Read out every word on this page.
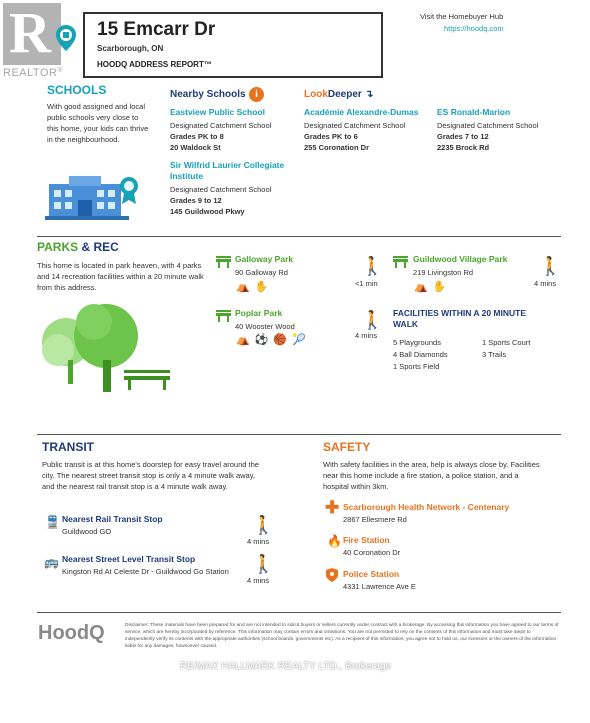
R
REALTOR®
15 Emcarr Dr
Scarborough, ON
HOODQ ADDRESS REPORT™
Visit the Homebuyer Hub
https://hoodq.com
SCHOOLS
With good assigned and local public schools very close to this home, your kids can thrive in the neighbourhood.
Nearby Schools i	LookDeeper ↴
Eastview Public School
Designated Catchment School
Grades PK to 8
20 Waldock St
Académie Alexandre-Dumas
Designated Catchment School
Grades PK to 6
255 Coronation Dr
ES Ronald-Marion
Designated Catchment School
Grades 7 to 12
2235 Brock Rd
Sir Wilfrid Laurier Collegiate Institute
Designated Catchment School
Grades 9 to 12
145 Guildwood Pkwy
PARKS & REC
This home is located in park heaven, with 4 parks and 14 recreation facilities within a 20 minute walk from this address.
Galloway Park
90 Galloway Rd
⛺✋
🚶
<1 min
Guildwood Village Park
219 Livingston Rd
⛺✋
🚶
4 mins
Poplar Park
40 Wooster Wood
⛺⚽🏀🎾
🚶
4 mins
FACILITIES WITHIN A 20 MINUTE WALK
5 Playgrounds	1 Sports Court
4 Ball Diamonds	3 Trails
1 Sports Field
TRANSIT
Public transit is at this home's doorstep for easy travel around the city. The nearest street transit stop is only a 4 minute walk away, and the nearest rail transit stop is a 4 minute walk away.
🚆 Nearest Rail Transit Stop
Guildwood GO	🚶
4 mins
🚌 Nearest Street Level Transit Stop
Kingston Rd At Celeste Dr - Guildwood Go Station	🚶
4 mins
SAFETY
With safety facilities in the area, help is always close by. Facilities near this home include a fire station, a police station, and a hospital within 3km.
✚ Scarborough Health Network - Centenary
2867 Ellesmere Rd
🔥 Fire Station
40 Coronation Dr
Police Station
4331 Lawrence Ave E
HoodQ	Disclaimer: These materials have been prepared for and are not intended to solicit buyers or sellers currently under contract with a brokerage. By accessing this information you have agreed to our terms of service, which are hereby incorporated by reference. This information may contain errors and omissions. You are not permitted to rely on the contents of this information and must take steps to independently verify its contents with the appropriate authorities (school boards, governments etc). As a recipient of this information, you agree not to hold us, our licensors or the owners of the information liable for any damages, howsoever caused.
RE/MAX HALLMARK REALTY LTD., Brokerage
